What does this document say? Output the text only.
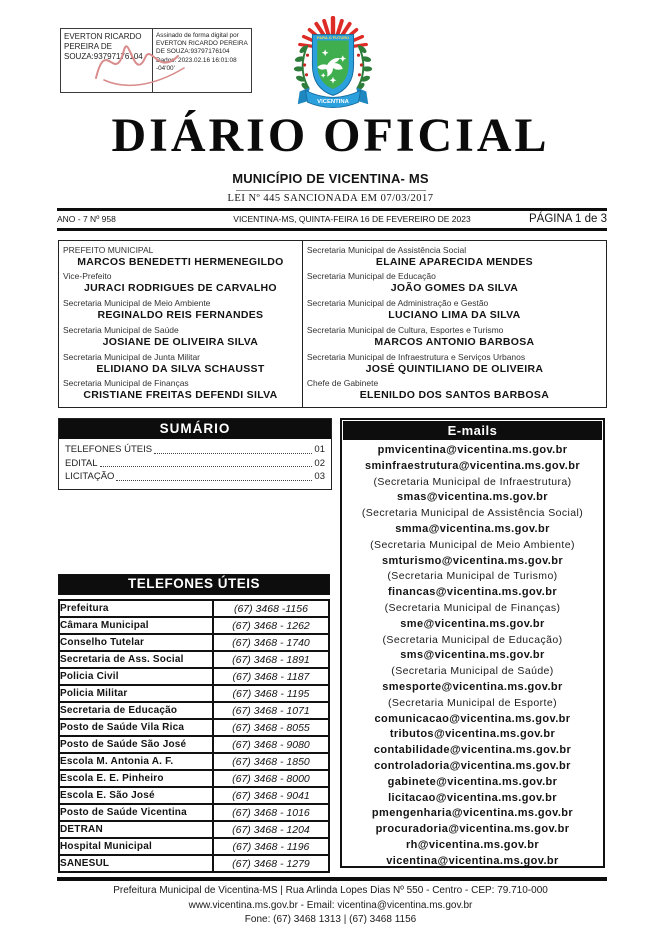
EVERTON RICARDO PEREIRA DE SOUZA:93797176104
Assinado de forma digital por EVERTON RICARDO PEREIRA DE SOUZA:93797176104 Dados: 2023.02.16 16:01:08 -04'00'
PARA O FUTURO
VICENTINA
DIÁRIO OFICIAL
MUNICÍPIO DE VICENTINA- MS
LEI Nº 445 SANCIONADA EM 07/03/2017
ANO - 7 Nº 958	VICENTINA-MS, QUINTA-FEIRA 16 DE FEVEREIRO DE 2023	PÁGINA 1 de 3
PREFEITO MUNICIPAL
MARCOS BENEDETTI HERMENEGILDO
Vice-Prefeito
JURACI RODRIGUES DE CARVALHO
Secretaria Municipal de Meio Ambiente
REGINALDO REIS FERNANDES
Secretaria Municipal de Saúde
JOSIANE DE OLIVEIRA SILVA
Secretaria Municipal de Junta Militar
ELIDIANO DA SILVA SCHAUSST
Secretaria Municipal de Finanças
CRISTIANE FREITAS DEFENDI SILVA
Secretaria Municipal de Assistência Social
ELAINE APARECIDA MENDES
Secretaria Municipal de Educação
JOÃO GOMES DA SILVA
Secretaria Municipal de Administração e Gestão
LUCIANO LIMA DA SILVA
Secretaria Municipal de Cultura, Esportes e Turismo
MARCOS ANTONIO BARBOSA
Secretaria Municipal de Infraestrutura e Serviços Urbanos
JOSÉ QUINTILIANO DE OLIVEIRA
Chefe de Gabinete
ELENILDO DOS SANTOS BARBOSA
SUMÁRIO
TELEFONES ÚTEIS	01
EDITAL	02
LICITAÇÃO	03
E-mails
pmvicentina@vicentina.ms.gov.br
sminfraestrutura@vicentina.ms.gov.br
(Secretaria Municipal de Infraestrutura)
smas@vicentina.ms.gov.br
(Secretaria Municipal de Assistência Social)
smma@vicentina.ms.gov.br
(Secretaria Municipal de Meio Ambiente)
smturismo@vicentina.ms.gov.br
(Secretaria Municipal de Turismo)
financas@vicentina.ms.gov.br
(Secretaria Municipal de Finanças)
sme@vicentina.ms.gov.br
(Secretaria Municipal de Educação)
sms@vicentina.ms.gov.br
(Secretaria Municipal de Saúde)
smesporte@vicentina.ms.gov.br
(Secretaria Municipal de Esporte)
comunicacao@vicentina.ms.gov.br
tributos@vicentina.ms.gov.br
contabilidade@vicentina.ms.gov.br
controladoria@vicentina.ms.gov.br
gabinete@vicentina.ms.gov.br
licitacao@vicentina.ms.gov.br
pmengenharia@vicentina.ms.gov.br
procuradoria@vicentina.ms.gov.br
rh@vicentina.ms.gov.br
vicentina@vicentina.ms.gov.br
TELEFONES ÚTEIS
Prefeitura	(67) 3468 -1156
Câmara Municipal	(67) 3468 - 1262
Conselho Tutelar	(67) 3468 - 1740
Secretaria de Ass. Social	(67) 3468 - 1891
Policia Civil	(67) 3468 - 1187
Policia Militar	(67) 3468 - 1195
Secretaria de Educação	(67) 3468 - 1071
Posto de Saúde Vila Rica	(67) 3468 - 8055
Posto de Saúde São José	(67) 3468 - 9080
Escola M. Antonia A. F.	(67) 3468 - 1850
Escola E. E. Pinheiro	(67) 3468 - 8000
Escola E. São José	(67) 3468 - 9041
Posto de Saúde Vicentina	(67) 3468 - 1016
DETRAN	(67) 3468 - 1204
Hospital Municipal	(67) 3468 - 1196
SANESUL	(67) 3468 - 1279
Prefeitura Municipal de Vicentina-MS | Rua Arlinda Lopes Dias Nº 550 - Centro - CEP: 79.710-000
www.vicentina.ms.gov.br - Email: vicentina@vicentina.ms.gov.br
Fone: (67) 3468 1313 | (67) 3468 1156
